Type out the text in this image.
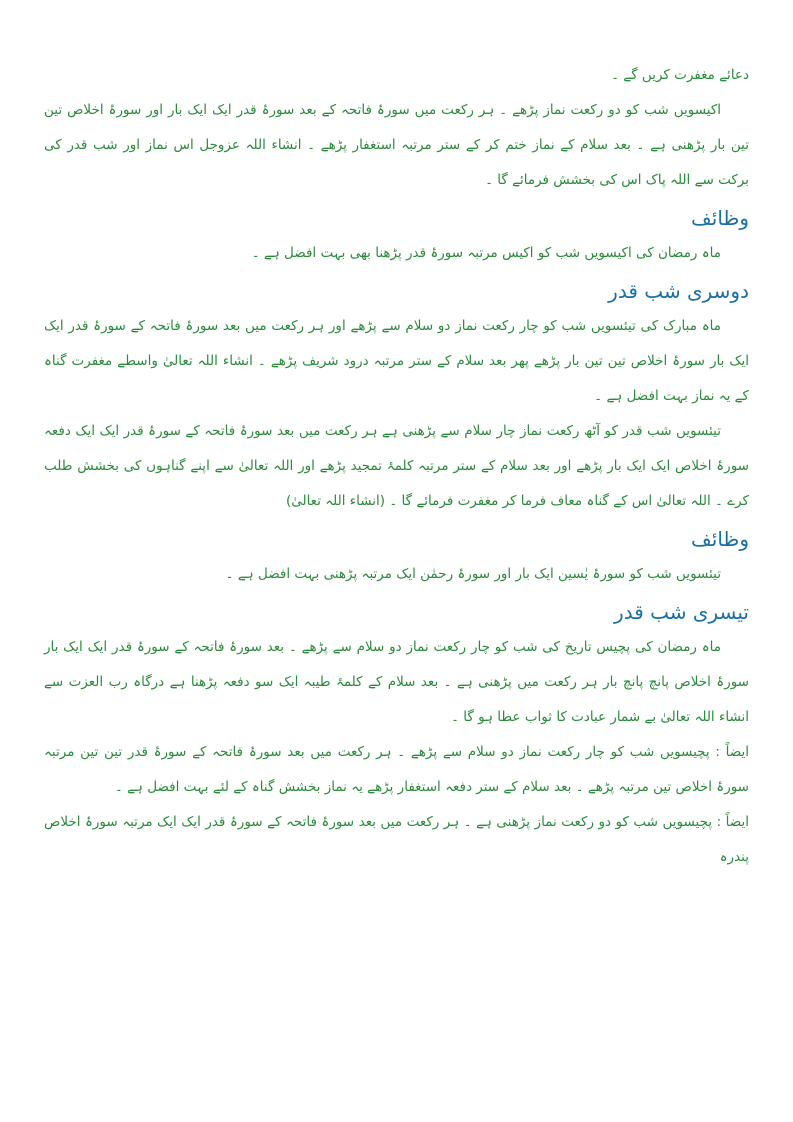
دعائے مغفرت کریں گے ۔

اکیسویں شب کو دو رکعت نماز پڑھے ۔ ہر رکعت میں سورۂ فاتحہ کے بعد سورۂ قدر ایک ایک بار اور سورۂ اخلاص تین تین بار پڑھنی ہے ۔ بعد سلام کے نماز ختم کر کے ستر مرتبہ استغفار پڑھے ۔ انشاء اللہ عزوجل اس نماز اور شب قدر کی برکت سے اللہ پاک اس کی بخشش فرمائے گا ۔

وظائف

ماہ رمضان کی اکیسویں شب کو اکیس مرتبہ سورۂ قدر پڑھنا بھی بہت افضل ہے ۔

دوسری شب قدر

ماہ مبارک کی تیئسویں شب کو چار رکعت نماز دو سلام سے پڑھے اور ہر رکعت میں بعد سورۂ فاتحہ کے سورۂ قدر ایک ایک بار سورۂ اخلاص تین تین بار پڑھے پھر بعد سلام کے ستر مرتبہ درود شریف پڑھے ۔ انشاء اللہ تعالیٰ واسطے مغفرت گناہ کے یہ نماز بہت افضل ہے ۔

تیئسویں شب قدر کو آٹھ رکعت نماز چار سلام سے پڑھنی ہے ہر رکعت میں بعد سورۂ فاتحہ کے سورۂ قدر ایک ایک دفعہ سورۂ اخلاص ایک ایک بار پڑھے اور بعد سلام کے ستر مرتبہ کلمۂ تمجید پڑھے اور اللہ تعالیٰ سے اپنے گناہوں کی بخشش طلب کرے ۔ اللہ تعالیٰ اس کے گناہ معاف فرما کر مغفرت فرمائے گا ۔ (انشاء اللہ تعالیٰ)

وظائف

تیئسویں شب کو سورۂ یٰسین ایک بار اور سورۂ رحمٰن ایک مرتبہ پڑھنی بہت افضل ہے ۔

تیسری شب قدر

ماہ رمضان کی پچیس تاریخ کی شب کو چار رکعت نماز دو سلام سے پڑھے ۔ بعد سورۂ فاتحہ کے سورۂ قدر ایک ایک بار سورۂ اخلاص پانچ پانچ بار ہر رکعت میں پڑھنی ہے ۔ بعد سلام کے کلمۂ طیبہ ایک سو دفعہ پڑھنا ہے درگاہ رب العزت سے انشاء اللہ تعالیٰ بے شمار عبادت کا ثواب عطا ہو گا ۔

ایضاً : پچیسویں شب کو چار رکعت نماز دو سلام سے پڑھے ۔ ہر رکعت میں بعد سورۂ فاتحہ کے سورۂ قدر تین تین مرتبہ سورۂ اخلاص تین مرتبہ پڑھے ۔ بعد سلام کے ستر دفعہ استغفار پڑھے یہ نماز بخشش گناہ کے لئے بہت افضل ہے ۔

ایضاً : پچیسویں شب کو دو رکعت نماز پڑھنی ہے ۔ ہر رکعت میں بعد سورۂ فاتحہ کے سورۂ قدر ایک ایک مرتبہ سورۂ اخلاص پندرہ
